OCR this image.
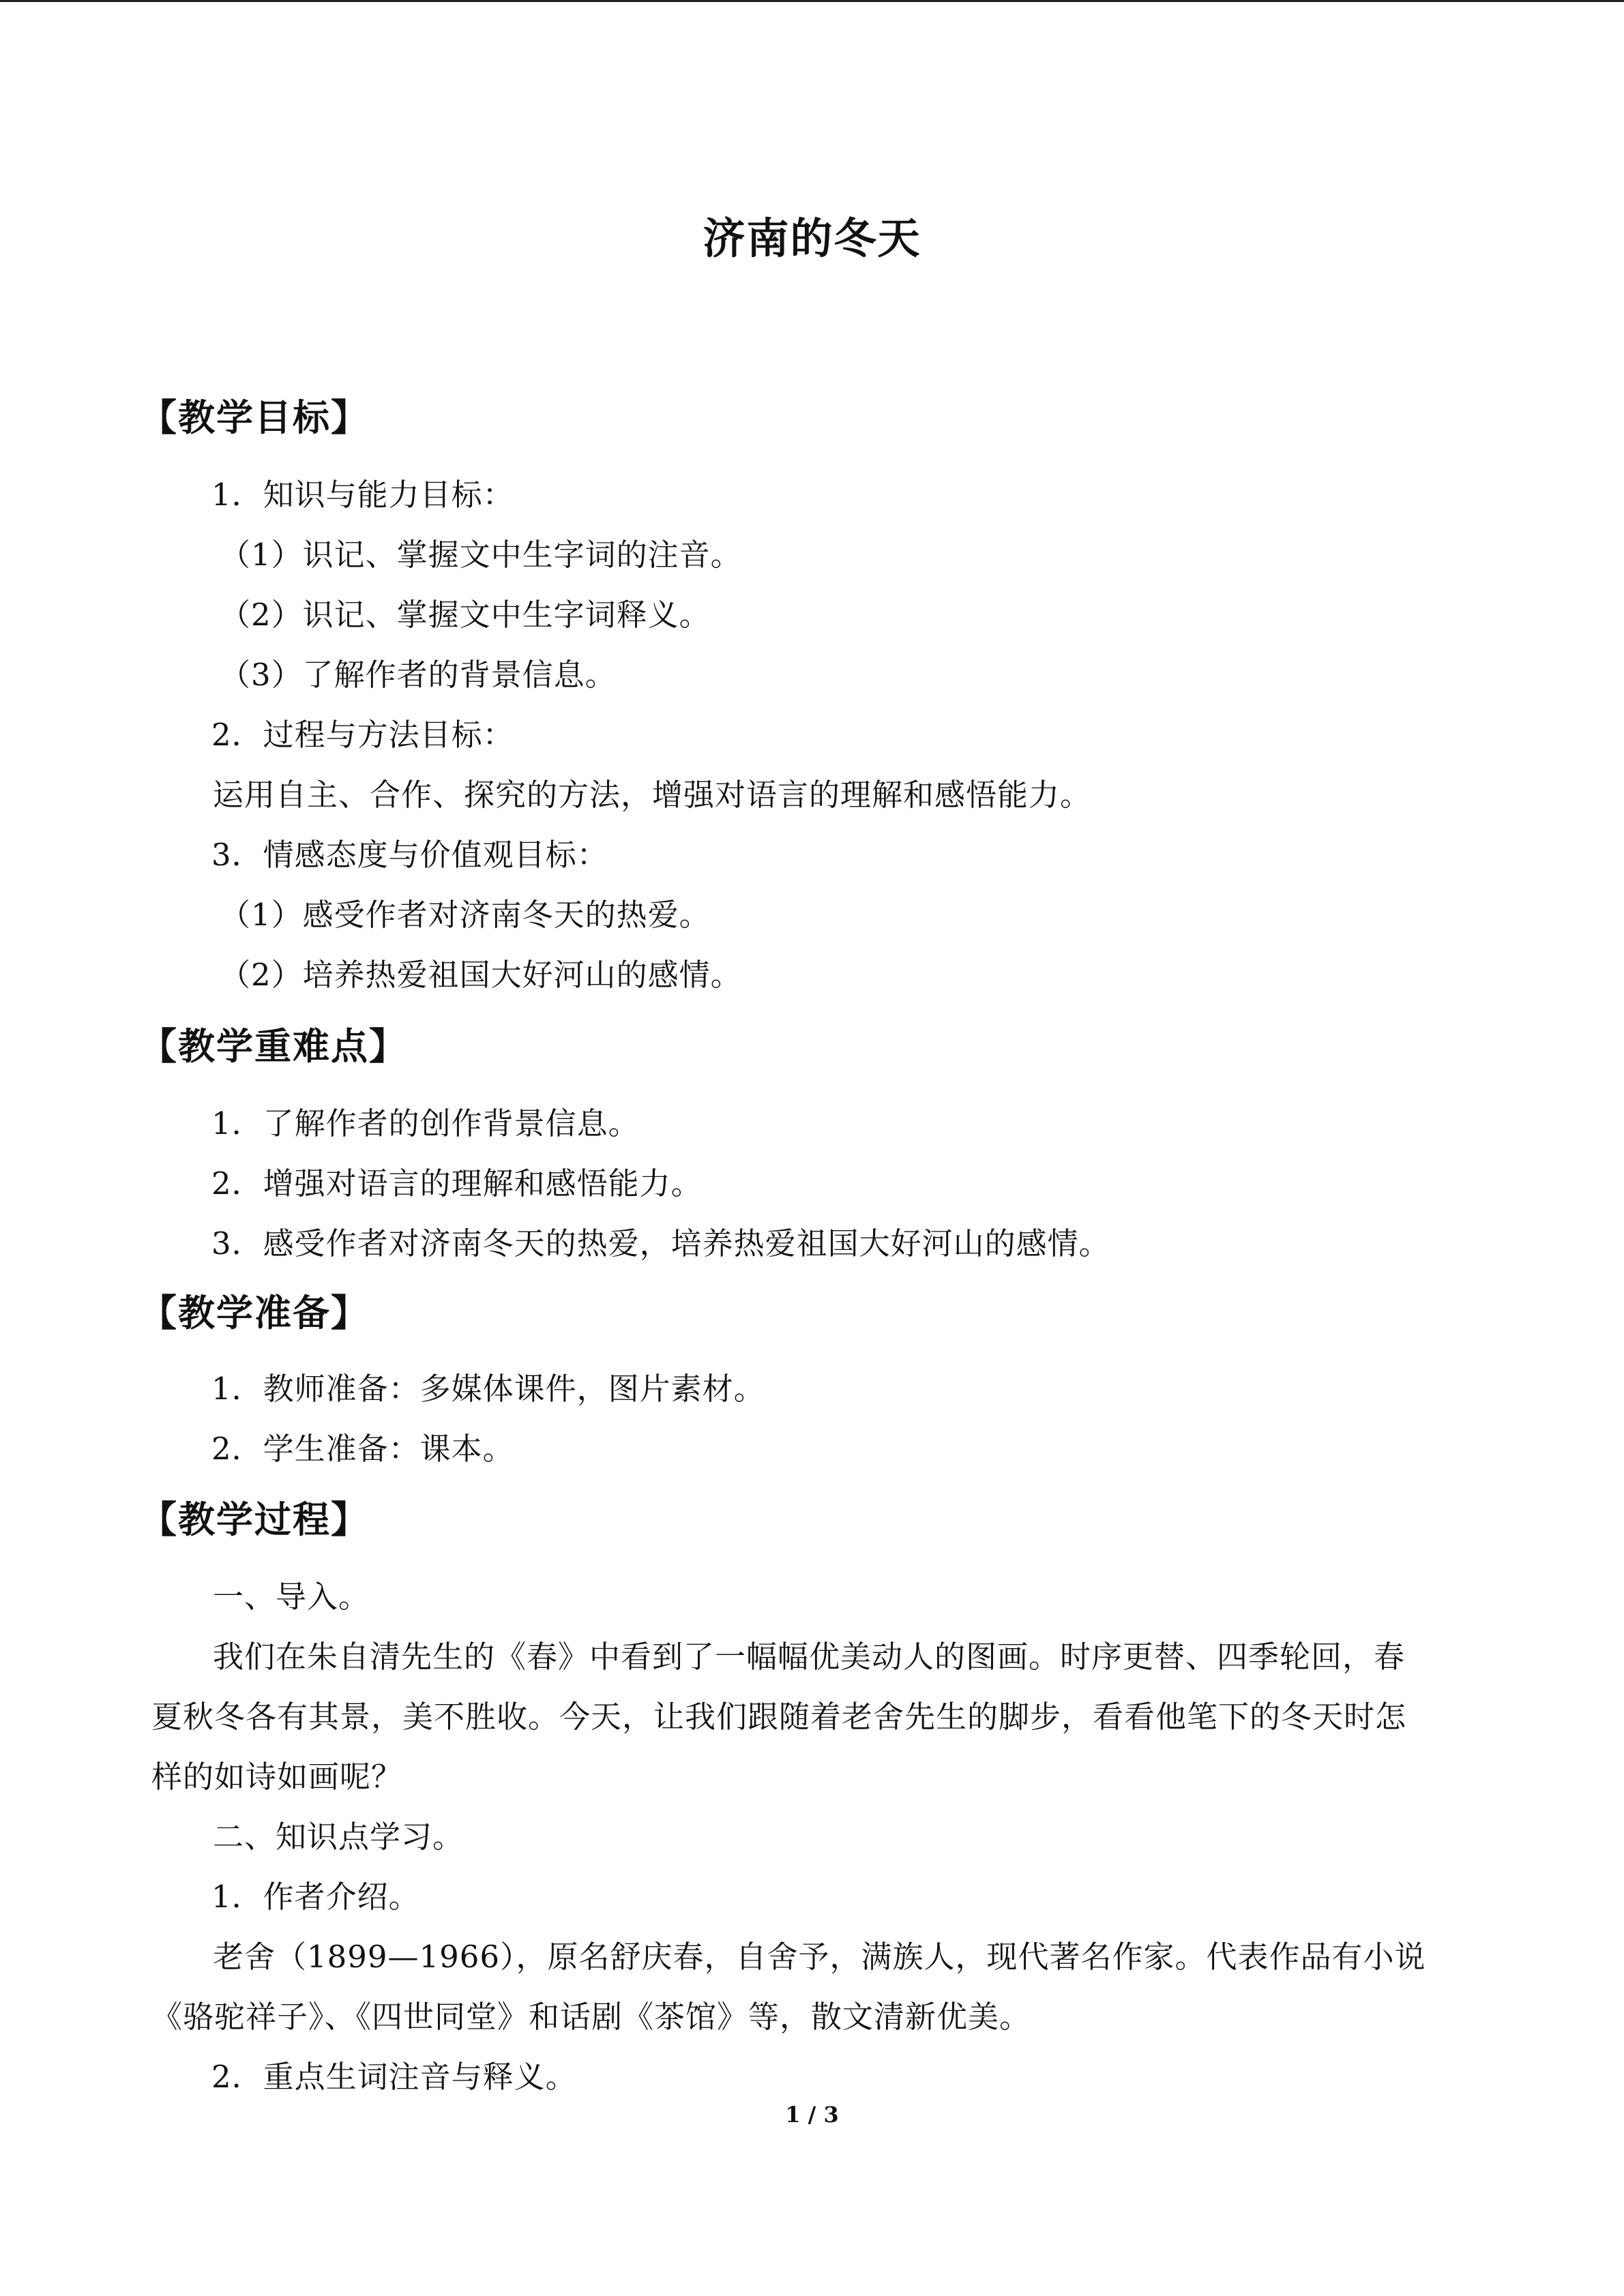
济南的冬天
【教学目标】
1．知识与能力目标：
（1）识记、掌握文中生字词的注音。
（2）识记、掌握文中生字词释义。
（3）了解作者的背景信息。
2．过程与方法目标：
运用自主、合作、探究的方法，增强对语言的理解和感悟能力。
3．情感态度与价值观目标：
（1）感受作者对济南冬天的热爱。
（2）培养热爱祖国大好河山的感情。
【教学重难点】
1．了解作者的创作背景信息。
2．增强对语言的理解和感悟能力。
3．感受作者对济南冬天的热爱，培养热爱祖国大好河山的感情。
【教学准备】
1．教师准备：多媒体课件，图片素材。
2．学生准备：课本。
【教学过程】
一、导入。
我们在朱自清先生的《春》中看到了一幅幅优美动人的图画。时序更替、四季轮回，春
夏秋冬各有其景，美不胜收。今天，让我们跟随着老舍先生的脚步，看看他笔下的冬天时怎
样的如诗如画呢？
二、知识点学习。
1．作者介绍。
老舍（1899—1966），原名舒庆春，自舍予，满族人，现代著名作家。代表作品有小说
《骆驼祥子》、《四世同堂》和话剧《茶馆》等，散文清新优美。
2．重点生词注音与释义。
1 / 3
